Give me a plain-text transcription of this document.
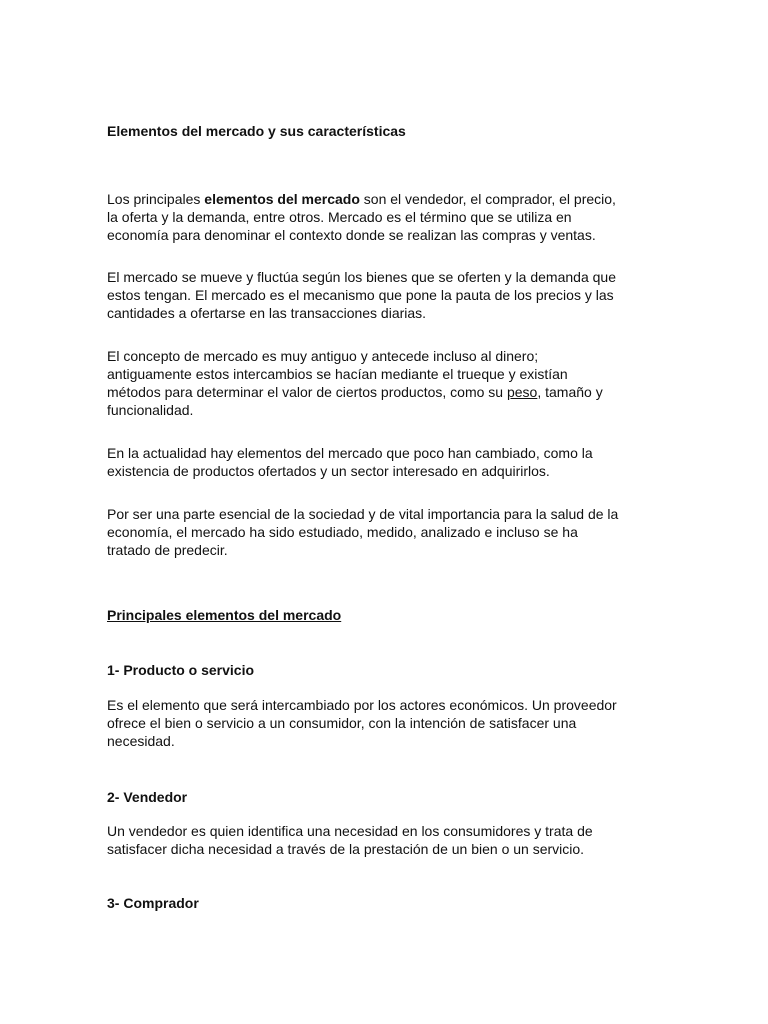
Elementos del mercado y sus características

Los principales elementos del mercado son el vendedor, el comprador, el precio,
la oferta y la demanda, entre otros. Mercado es el término que se utiliza en
economía para denominar el contexto donde se realizan las compras y ventas.

El mercado se mueve y fluctúa según los bienes que se oferten y la demanda que
estos tengan. El mercado es el mecanismo que pone la pauta de los precios y las
cantidades a ofertarse en las transacciones diarias.

El concepto de mercado es muy antiguo y antecede incluso al dinero;
antiguamente estos intercambios se hacían mediante el trueque y existían
métodos para determinar el valor de ciertos productos, como su peso, tamaño y
funcionalidad.

En la actualidad hay elementos del mercado que poco han cambiado, como la
existencia de productos ofertados y un sector interesado en adquirirlos.

Por ser una parte esencial de la sociedad y de vital importancia para la salud de la
economía, el mercado ha sido estudiado, medido, analizado e incluso se ha
tratado de predecir.

Principales elementos del mercado
1- Producto o servicio

Es el elemento que será intercambiado por los actores económicos. Un proveedor
ofrece el bien o servicio a un consumidor, con la intención de satisfacer una
necesidad.

2- Vendedor

Un vendedor es quien identifica una necesidad en los consumidores y trata de
satisfacer dicha necesidad a través de la prestación de un bien o un servicio.

3- Comprador
